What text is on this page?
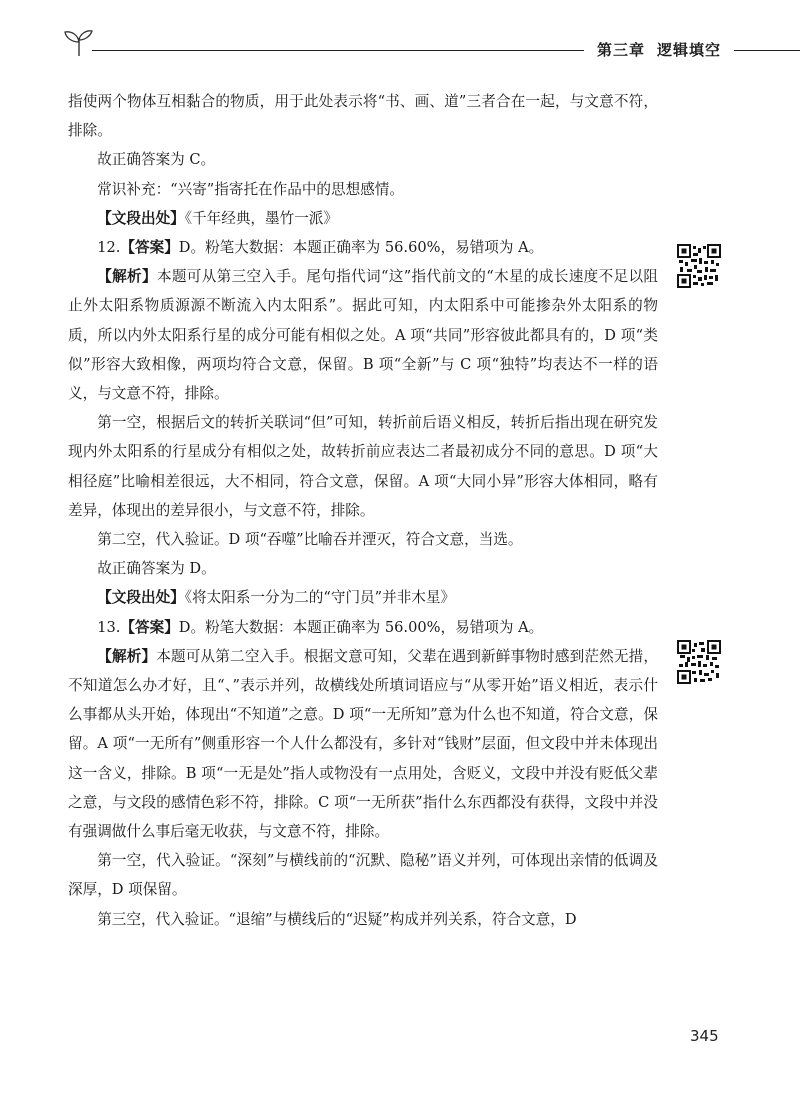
第三章 逻辑填空

指使两个物体互相黏合的物质，用于此处表示将“书、画、道”三者合在一起，与文意不符，排除。

故正确答案为 C。

常识补充：“兴寄”指寄托在作品中的思想感情。

【文段出处】《千年经典，墨竹一派》

12.【答案】D。粉笔大数据：本题正确率为 56.60%，易错项为 A。

【解析】本题可从第三空入手。尾句指代词“这”指代前文的“木星的成长速度不足以阻止外太阳系物质源源不断流入内太阳系”。据此可知，内太阳系中可能掺杂外太阳系的物质，所以内外太阳系行星的成分可能有相似之处。A 项“共同”形容彼此都具有的，D 项“类似”形容大致相像，两项均符合文意，保留。B 项“全新”与 C 项“独特”均表达不一样的语义，与文意不符，排除。

第一空，根据后文的转折关联词“但”可知，转折前后语义相反，转折后指出现在研究发现内外太阳系的行星成分有相似之处，故转折前应表达二者最初成分不同的意思。D 项“大相径庭”比喻相差很远，大不相同，符合文意，保留。A 项“大同小异”形容大体相同，略有差异，体现出的差异很小，与文意不符，排除。

第二空，代入验证。D 项“吞噬”比喻吞并湮灭，符合文意，当选。

故正确答案为 D。

【文段出处】《将太阳系一分为二的“守门员”并非木星》

13.【答案】D。粉笔大数据：本题正确率为 56.00%，易错项为 A。

【解析】本题可从第二空入手。根据文意可知，父辈在遇到新鲜事物时感到茫然无措，不知道怎么办才好，且“、”表示并列，故横线处所填词语应与“从零开始”语义相近，表示什么事都从头开始，体现出“不知道”之意。D 项“一无所知”意为什么也不知道，符合文意，保留。A 项“一无所有”侧重形容一个人什么都没有，多针对“钱财”层面，但文段中并未体现出这一含义，排除。B 项“一无是处”指人或物没有一点用处，含贬义，文段中并没有贬低父辈之意，与文段的感情色彩不符，排除。C 项“一无所获”指什么东西都没有获得，文段中并没有强调做什么事后毫无收获，与文意不符，排除。

第一空，代入验证。“深刻”与横线前的“沉默、隐秘”语义并列，可体现出亲情的低调及深厚，D 项保留。

第三空，代入验证。“退缩”与横线后的“迟疑”构成并列关系，符合文意，D

345
